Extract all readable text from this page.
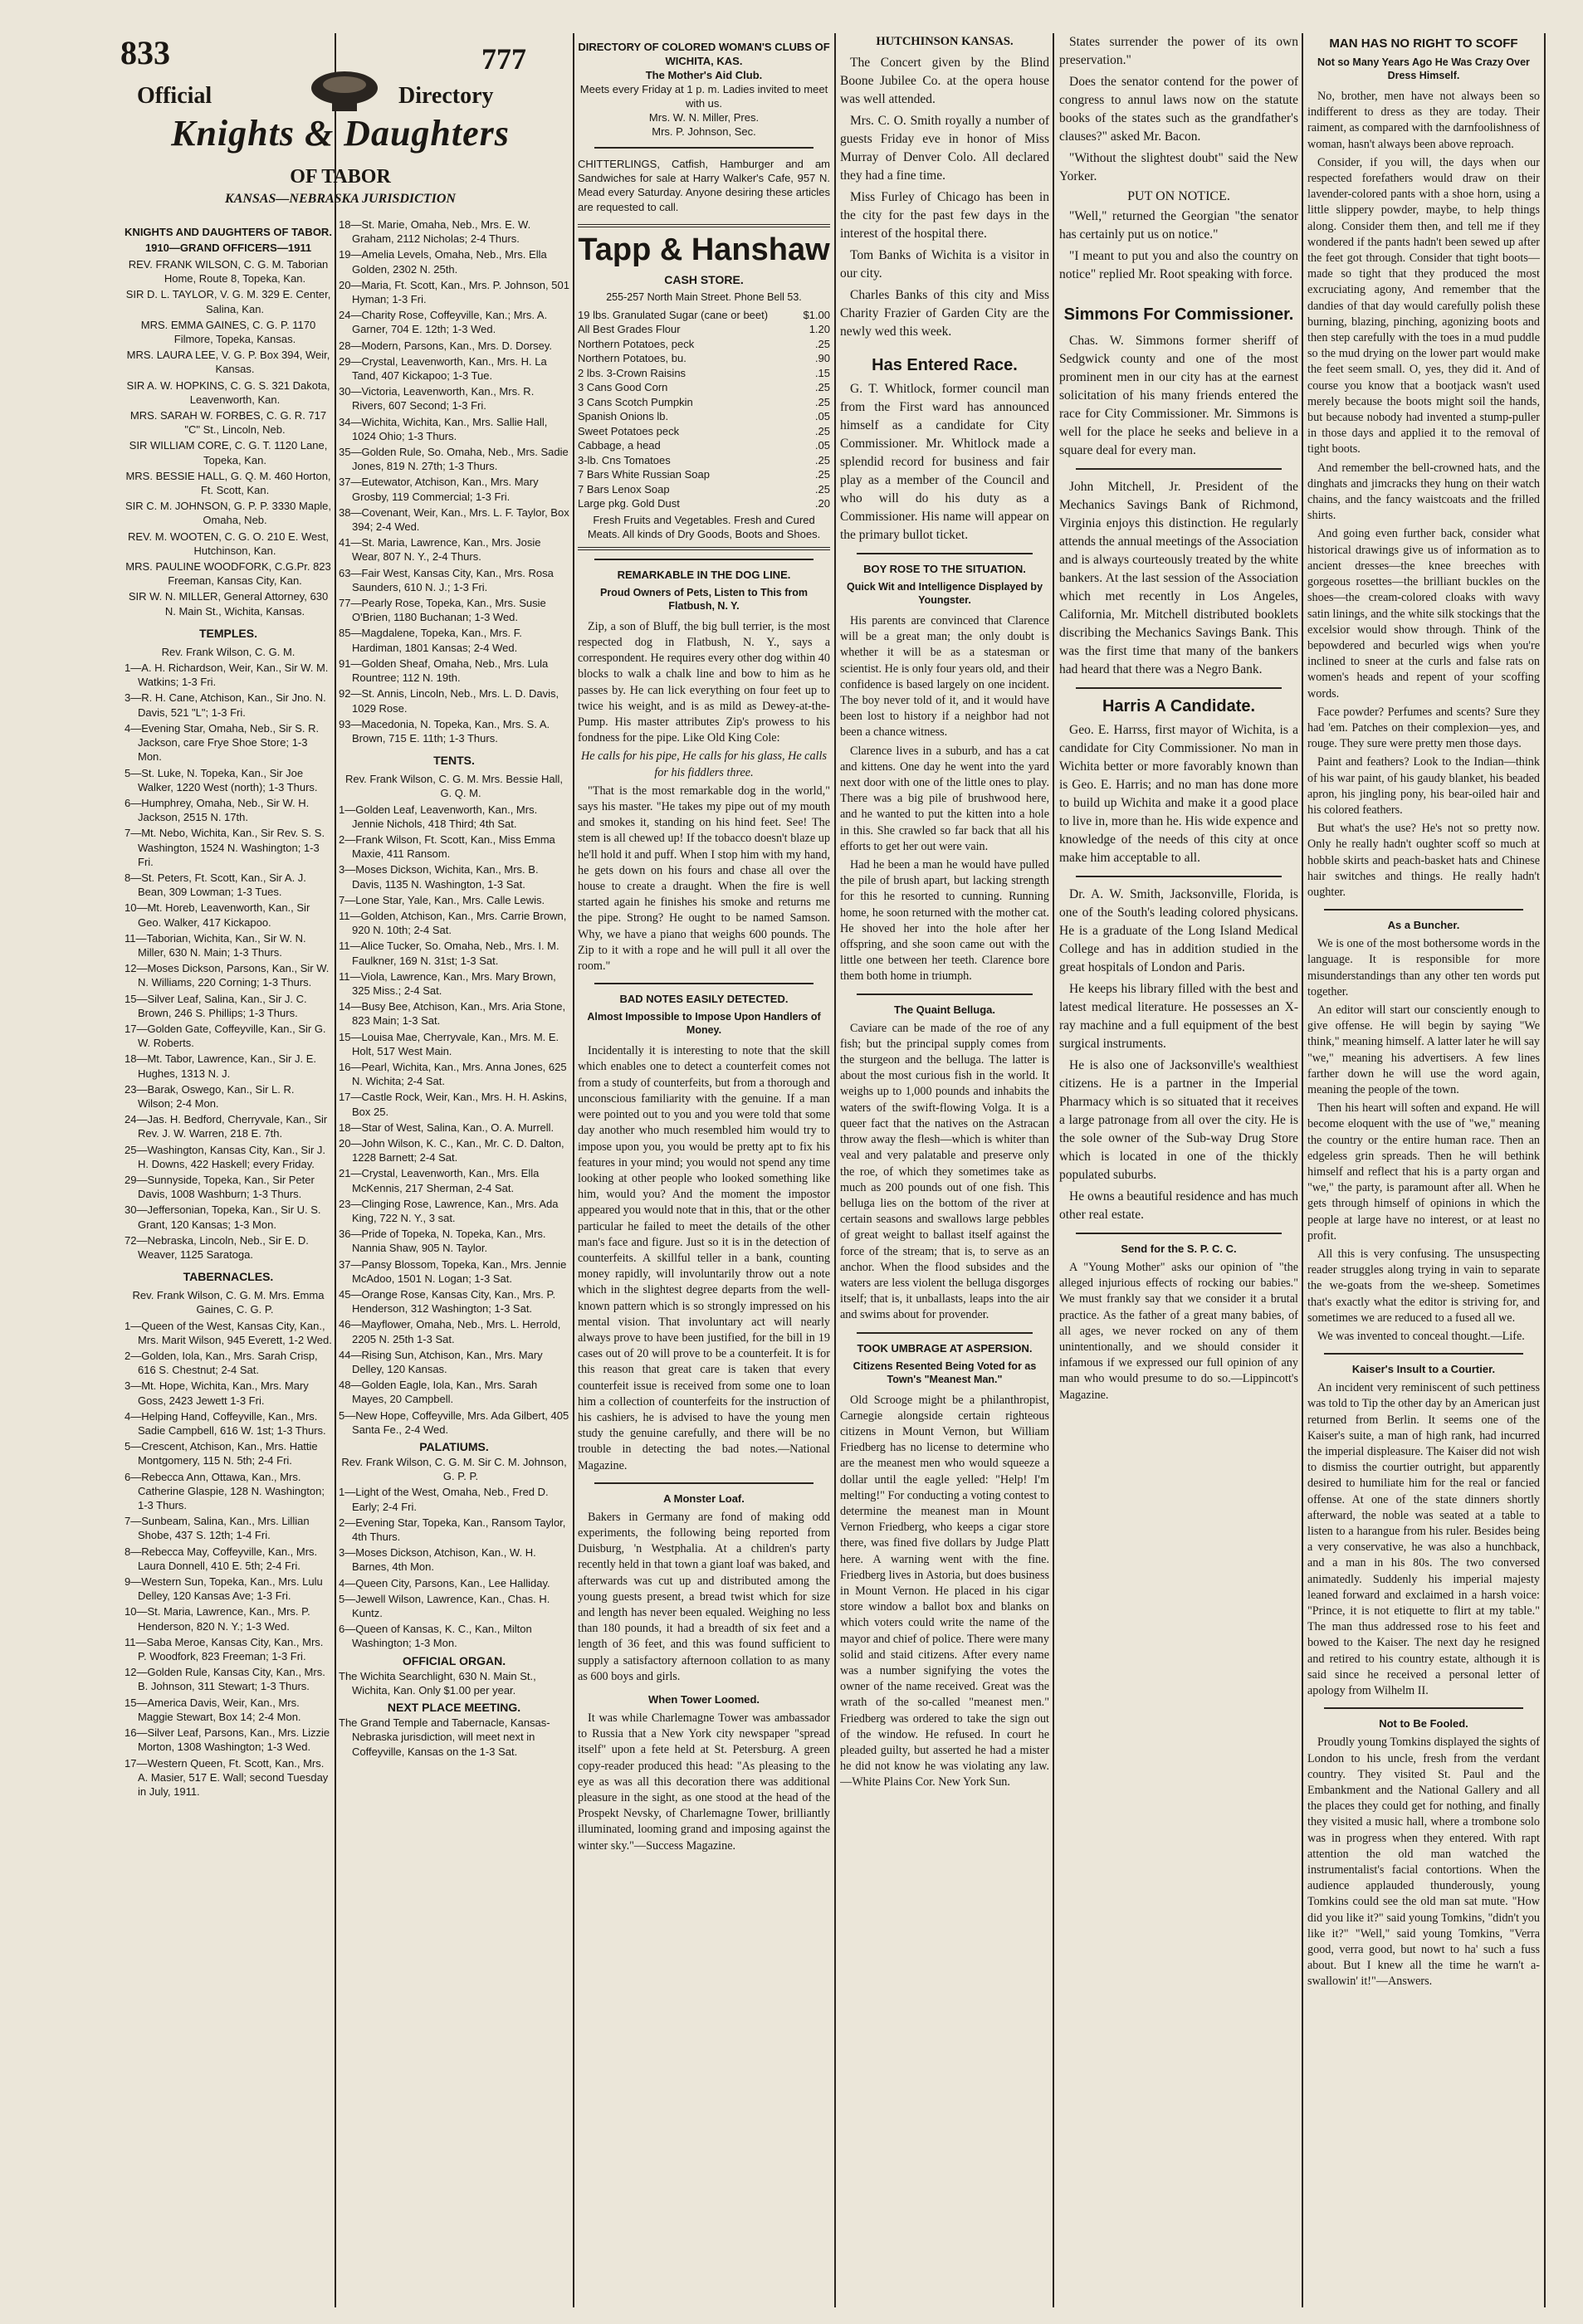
833	777
Official	Directory
Knights & Daughters
OF TABOR
KANSAS—NEBRASKA JURISDICTION
KNIGHTS AND DAUGHTERS OF TABOR.
1910—GRAND OFFICERS—1911

REV. FRANK WILSON, C. G. M. Taborian Home, Route 8, Topeka, Kan.

SIR D. L. TAYLOR, V. G. M. 329 E. Center, Salina, Kan.

MRS. EMMA GAINES, C. G. P. 1170 Filmore, Topeka, Kansas.

MRS. LAURA LEE, V. G. P. Box 394, Weir, Kansas.

SIR A. W. HOPKINS, C. G. S. 321 Dakota, Leavenworth, Kan.

MRS. SARAH W. FORBES, C. G. R. 717 "C" St., Lincoln, Neb.

SIR WILLIAM CORE, C. G. T. 1120 Lane, Topeka, Kan.

MRS. BESSIE HALL, G. Q. M. 460 Horton, Ft. Scott, Kan.

SIR C. M. JOHNSON, G. P. P. 3330 Maple, Omaha, Neb.

REV. M. WOOTEN, C. G. O. 210 E. West, Hutchinson, Kan.

MRS. PAULINE WOODFORK, C.G.Pr. 823 Freeman, Kansas City, Kan.

SIR W. N. MILLER, General Attorney, 630 N. Main St., Wichita, Kansas.

TEMPLES.

Rev. Frank Wilson, C. G. M.

1—A. H. Richardson, Weir, Kan., Sir W. M. Watkins; 1-3 Fri.

3—R. H. Cane, Atchison, Kan., Sir Jno. N. Davis, 521 "L"; 1-3 Fri.

4—Evening Star, Omaha, Neb., Sir S. R. Jackson, care Frye Shoe Store; 1-3 Mon.

5—St. Luke, N. Topeka, Kan., Sir Joe Walker, 1220 West (north); 1-3 Thurs.

6—Humphrey, Omaha, Neb., Sir W. H. Jackson, 2515 N. 17th.

7—Mt. Nebo, Wichita, Kan., Sir Rev. S. S. Washington, 1524 N. Washington; 1-3 Fri.

8—St. Peters, Ft. Scott, Kan., Sir A. J. Bean, 309 Lowman; 1-3 Tues.

10—Mt. Horeb, Leavenworth, Kan., Sir Geo. Walker, 417 Kickapoo.

11—Taborian, Wichita, Kan., Sir W. N. Miller, 630 N. Main; 1-3 Thurs.

12—Moses Dickson, Parsons, Kan., Sir W. N. Williams, 220 Corning; 1-3 Thurs.

15—Silver Leaf, Salina, Kan., Sir J. C. Brown, 246 S. Phillips; 1-3 Thurs.

17—Golden Gate, Coffeyville, Kan., Sir G. W. Roberts.

18—Mt. Tabor, Lawrence, Kan., Sir J. E. Hughes, 1313 N. J.

23—Barak, Oswego, Kan., Sir L. R. Wilson; 2-4 Mon.

24—Jas. H. Bedford, Cherryvale, Kan., Sir Rev. J. W. Warren, 218 E. 7th.

25—Washington, Kansas City, Kan., Sir J. H. Downs, 422 Haskell; every Friday.

29—Sunnyside, Topeka, Kan., Sir Peter Davis, 1008 Washburn; 1-3 Thurs.

30—Jeffersonian, Topeka, Kan., Sir U. S. Grant, 120 Kansas; 1-3 Mon.

72—Nebraska, Lincoln, Neb., Sir E. D. Weaver, 1125 Saratoga.

TABERNACLES.

Rev. Frank Wilson, C. G. M. Mrs. Emma Gaines, C. G. P.

1—Queen of the West, Kansas City, Kan., Mrs. Marit Wilson, 945 Everett, 1-2 Wed.

2—Golden, Iola, Kan., Mrs. Sarah Crisp, 616 S. Chestnut; 2-4 Sat.

3—Mt. Hope, Wichita, Kan., Mrs. Mary Goss, 2423 Jewett 1-3 Fri.

4—Helping Hand, Coffeyville, Kan., Mrs. Sadie Campbell, 616 W. 1st; 1-3 Thurs.

5—Crescent, Atchison, Kan., Mrs. Hattie Montgomery, 115 N. 5th; 2-4 Fri.

6—Rebecca Ann, Ottawa, Kan., Mrs. Catherine Glaspie, 128 N. Washington; 1-3 Thurs.

7—Sunbeam, Salina, Kan., Mrs. Lillian Shobe, 437 S. 12th; 1-4 Fri.

8—Rebecca May, Coffeyville, Kan., Mrs. Laura Donnell, 410 E. 5th; 2-4 Fri.

9—Western Sun, Topeka, Kan., Mrs. Lulu Delley, 120 Kansas Ave; 1-3 Fri.

10—St. Maria, Lawrence, Kan., Mrs. P. Henderson, 820 N. Y.; 1-3 Wed.

11—Saba Meroe, Kansas City, Kan., Mrs. P. Woodfork, 823 Freeman; 1-3 Fri.

12—Golden Rule, Kansas City, Kan., Mrs. B. Johnson, 311 Stewart; 1-3 Thurs.

15—America Davis, Weir, Kan., Mrs. Maggie Stewart, Box 14; 2-4 Mon.

16—Silver Leaf, Parsons, Kan., Mrs. Lizzie Morton, 1308 Washington; 1-3 Wed.

17—Western Queen, Ft. Scott, Kan., Mrs. A. Masier, 517 E. Wall; second Tuesday in July, 1911.

18—St. Marie, Omaha, Neb., Mrs. E. W. Graham, 2112 Nicholas; 2-4 Thurs.

19—Amelia Levels, Omaha, Neb., Mrs. Ella Golden, 2302 N. 25th.

20—Maria, Ft. Scott, Kan., Mrs. P. Johnson, 501 Hyman; 1-3 Fri.

24—Charity Rose, Coffeyville, Kan.; Mrs. A. Garner, 704 E. 12th; 1-3 Wed.

28—Modern, Parsons, Kan., Mrs. D. Dorsey.

29—Crystal, Leavenworth, Kan., Mrs. H. La Tand, 407 Kickapoo; 1-3 Tue.

30—Victoria, Leavenworth, Kan., Mrs. R. Rivers, 607 Second; 1-3 Fri.

34—Wichita, Wichita, Kan., Mrs. Sallie Hall, 1024 Ohio; 1-3 Thurs.

35—Golden Rule, So. Omaha, Neb., Mrs. Sadie Jones, 819 N. 27th; 1-3 Thurs.

37—Eutewator, Atchison, Kan., Mrs. Mary Grosby, 119 Commercial; 1-3 Fri.

38—Covenant, Weir, Kan., Mrs. L. F. Taylor, Box 394; 2-4 Wed.

41—St. Maria, Lawrence, Kan., Mrs. Josie Wear, 807 N. Y., 2-4 Thurs.

63—Fair West, Kansas City, Kan., Mrs. Rosa Saunders, 610 N. J.; 1-3 Fri.

77—Pearly Rose, Topeka, Kan., Mrs. Susie O'Brien, 1180 Buchanan; 1-3 Wed.

85—Magdalene, Topeka, Kan., Mrs. F. Hardiman, 1801 Kansas; 2-4 Wed.

91—Golden Sheaf, Omaha, Neb., Mrs. Lula Rountree; 112 N. 19th.

92—St. Annis, Lincoln, Neb., Mrs. L. D. Davis, 1029 Rose.

93—Macedonia, N. Topeka, Kan., Mrs. S. A. Brown, 715 E. 11th; 1-3 Thurs.

TENTS.

Rev. Frank Wilson, C. G. M. Mrs. Bessie Hall, G. Q. M.

1—Golden Leaf, Leavenworth, Kan., Mrs. Jennie Nichols, 418 Third; 4th Sat.

2—Frank Wilson, Ft. Scott, Kan., Miss Emma Maxie, 411 Ransom.

3—Moses Dickson, Wichita, Kan., Mrs. B. Davis, 1135 N. Washington, 1-3 Sat.

7—Lone Star, Yale, Kan., Mrs. Calle Lewis.

11—Golden, Atchison, Kan., Mrs. Carrie Brown, 920 N. 10th; 2-4 Sat.

11—Alice Tucker, So. Omaha, Neb., Mrs. I. M. Faulkner, 169 N. 31st; 1-3 Sat.

11—Viola, Lawrence, Kan., Mrs. Mary Brown, 325 Miss.; 2-4 Sat.

14—Busy Bee, Atchison, Kan., Mrs. Aria Stone, 823 Main; 1-3 Sat.

15—Louisa Mae, Cherryvale, Kan., Mrs. M. E. Holt, 517 West Main.

16—Pearl, Wichita, Kan., Mrs. Anna Jones, 625 N. Wichita; 2-4 Sat.

17—Castle Rock, Weir, Kan., Mrs. H. H. Askins, Box 25.

18—Star of West, Salina, Kan., O. A. Murrell.

20—John Wilson, K. C., Kan., Mr. C. D. Dalton, 1228 Barnett; 2-4 Sat.

21—Crystal, Leavenworth, Kan., Mrs. Ella McKennis, 217 Sherman, 2-4 Sat.

23—Clinging Rose, Lawrence, Kan., Mrs. Ada King, 722 N. Y., 3 sat.

36—Pride of Topeka, N. Topeka, Kan., Mrs. Nannia Shaw, 905 N. Taylor.

37—Pansy Blossom, Topeka, Kan., Mrs. Jennie McAdoo, 1501 N. Logan; 1-3 Sat.

45—Orange Rose, Kansas City, Kan., Mrs. P. Henderson, 312 Washington; 1-3 Sat.

46—Mayflower, Omaha, Neb., Mrs. L. Herrold, 2205 N. 25th 1-3 Sat.

44—Rising Sun, Atchison, Kan., Mrs. Mary Delley, 120 Kansas.

48—Golden Eagle, Iola, Kan., Mrs. Sarah Mayes, 20 Campbell.

5—New Hope, Coffeyville, Mrs. Ada Gilbert, 405 Santa Fe., 2-4 Wed.

PALATIUMS.

Rev. Frank Wilson, C. G. M. Sir C. M. Johnson, G. P. P.

1—Light of the West, Omaha, Neb., Fred D. Early; 2-4 Fri.

2—Evening Star, Topeka, Kan., Ransom Taylor, 4th Thurs.

3—Moses Dickson, Atchison, Kan., W. H. Barnes, 4th Mon.

4—Queen City, Parsons, Kan., Lee Halliday.

5—Jewell Wilson, Lawrence, Kan., Chas. H. Kuntz.

6—Queen of Kansas, K. C., Kan., Milton Washington; 1-3 Mon.

OFFICIAL ORGAN.

The Wichita Searchlight, 630 N. Main St., Wichita, Kan. Only $1.00 per year.

NEXT PLACE MEETING.

The Grand Temple and Tabernacle, Kansas-Nebraska jurisdiction, will meet next in Coffeyville, Kansas on the 1-3 Sat.

DIRECTORY OF COLORED WOMAN'S CLUBS OF WICHITA, KAS.
The Mother's Aid Club.
Meets every Friday at 1 p. m. Ladies invited to meet with us.
Mrs. W. N. Miller, Pres.
Mrs. P. Johnson, Sec.

CHITTERLINGS, Catfish, Hamburger and am Sandwiches for sale at Harry Walker's Cafe, 957 N. Mead every Saturday. Anyone desiring these articles are requested to call.

Tapp & Hanshaw
CASH STORE.
255-257 North Main Street. Phone Bell 53.
19 lbs. Granulated Sugar (cane or beet)	$1.00
All Best Grades Flour	1.20
Northern Potatoes, peck	.25
Northern Potatoes, bu.	.90
2 lbs. 3-Crown Raisins	.15
3 Cans Good Corn	.25
3 Cans Scotch Pumpkin	.25
Spanish Onions lb.	.05
Sweet Potatoes peck	.25
Cabbage, a head	.05
3-lb. Cns Tomatoes	.25
7 Bars White Russian Soap	.25
7 Bars Lenox Soap	.25
Large pkg. Gold Dust	.20
Fresh Fruits and Vegetables. Fresh and Cured Meats. All kinds of Dry Goods, Boots and Shoes.
REMARKABLE IN THE DOG LINE.
Proud Owners of Pets, Listen to This from Flatbush, N. Y.

Zip, a son of Bluff, the big bull terrier, is the most respected dog in Flatbush, N. Y., says a correspondent. He requires every other dog within 40 blocks to walk a chalk line and bow to him as he passes by. He can lick everything on four feet up to twice his weight, and is as mild as Dewey-at-the-Pump. His master attributes Zip's prowess to his fondness for the pipe. Like Old King Cole:

He calls for his pipe, He calls for his glass, He calls for his fiddlers three.

"That is the most remarkable dog in the world," says his master. "He takes my pipe out of my mouth and smokes it, standing on his hind feet. See! The stem is all chewed up! If the tobacco doesn't blaze up he'll hold it and puff. When I stop him with my hand, he gets down on his fours and chase all over the house to create a draught. When the fire is well started again he finishes his smoke and returns me the pipe. Strong? He ought to be named Samson. Why, we have a piano that weighs 600 pounds. The Zip to it with a rope and he will pull it all over the room."

BAD NOTES EASILY DETECTED.
Almost Impossible to Impose Upon Handlers of Money.

Incidentally it is interesting to note that the skill which enables one to detect a counterfeit comes not from a study of counterfeits, but from a thorough and unconscious familiarity with the genuine. If a man were pointed out to you and you were told that some day another who much resembled him would try to impose upon you, you would be pretty apt to fix his features in your mind; you would not spend any time looking at other people who looked something like him, would you? And the moment the impostor appeared you would note that in this, that or the other particular he failed to meet the details of the other man's face and figure. Just so it is in the detection of counterfeits. A skillful teller in a bank, counting money rapidly, will involuntarily throw out a note which in the slightest degree departs from the well-known pattern which is so strongly impressed on his mental vision. That involuntary act will nearly always prove to have been justified, for the bill in 19 cases out of 20 will prove to be a counterfeit. It is for this reason that great care is taken that every counterfeit issue is received from some one to loan him a collection of counterfeits for the instruction of his cashiers, he is advised to have the young men study the genuine carefully, and there will be no trouble in detecting the bad notes.—National Magazine.

A Monster Loaf.

Bakers in Germany are fond of making odd experiments, the following being reported from Duisburg, 'n Westphalia. At a children's party recently held in that town a giant loaf was baked, and afterwards was cut up and distributed among the young guests present, a bread twist which for size and length has never been equaled. Weighing no less than 180 pounds, it had a breadth of six feet and a length of 36 feet, and this was found sufficient to supply a satisfactory afternoon collation to as many as 600 boys and girls.

When Tower Loomed.

It was while Charlemagne Tower was ambassador to Russia that a New York city newspaper "spread itself" upon a fete held at St. Petersburg. A green copy-reader produced this head: "As pleasing to the eye as was all this decoration there was additional pleasure in the sight, as one stood at the head of the Prospekt Nevsky, of Charlemagne Tower, brilliantly illuminated, looming grand and imposing against the winter sky."—Success Magazine.

HUTCHINSON KANSAS.

The Concert given by the Blind Boone Jubilee Co. at the opera house was well attended.

Mrs. C. O. Smith royally a number of guests Friday eve in honor of Miss Murray of Denver Colo. All declared they had a fine time.

Miss Furley of Chicago has been in the city for the past few days in the interest of the hospital there.

Tom Banks of Wichita is a visitor in our city.

Charles Banks of this city and Miss Charity Frazier of Garden City are the newly wed this week.

Has Entered Race.

G. T. Whitlock, former council man from the First ward has announced himself as a candidate for City Commissioner. Mr. Whitlock made a splendid record for business and fair play as a member of the Council and who will do his duty as a Commissioner. His name will appear on the primary bullot ticket.

BOY ROSE TO THE SITUATION.
Quick Wit and Intelligence Displayed by Youngster.

His parents are convinced that Clarence will be a great man; the only doubt is whether it will be as a statesman or scientist. He is only four years old, and their confidence is based largely on one incident. The boy never told of it, and it would have been lost to history if a neighbor had not been a chance witness.

Clarence lives in a suburb, and has a cat and kittens. One day he went into the yard next door with one of the little ones to play. There was a big pile of brushwood here, and he wanted to put the kitten into a hole in this. She crawled so far back that all his efforts to get her out were vain.

Had he been a man he would have pulled the pile of brush apart, but lacking strength for this he resorted to cunning. Running home, he soon returned with the mother cat. He shoved her into the hole after her offspring, and she soon came out with the little one between her teeth. Clarence bore them both home in triumph.

The Quaint Belluga.

Caviare can be made of the roe of any fish; but the principal supply comes from the sturgeon and the belluga. The latter is about the most curious fish in the world. It weighs up to 1,000 pounds and inhabits the waters of the swift-flowing Volga. It is a queer fact that the natives on the Astracan throw away the flesh—which is whiter than veal and very palatable and preserve only the roe, of which they sometimes take as much as 200 pounds out of one fish. This belluga lies on the bottom of the river at certain seasons and swallows large pebbles of great weight to ballast itself against the force of the stream; that is, to serve as an anchor. When the flood subsides and the waters are less violent the belluga disgorges itself; that is, it unballasts, leaps into the air and swims about for provender.

TOOK UMBRAGE AT ASPERSION.
Citizens Resented Being Voted for as Town's "Meanest Man."

Old Scrooge might be a philanthropist, Carnegie alongside certain righteous citizens in Mount Vernon, but William Friedberg has no license to determine who are the meanest men who would squeeze a dollar until the eagle yelled: "Help! I'm melting!" For conducting a voting contest to determine the meanest man in Mount Vernon Friedberg, who keeps a cigar store there, was fined five dollars by Judge Platt here. A warning went with the fine. Friedberg lives in Astoria, but does business in Mount Vernon. He placed in his cigar store window a ballot box and blanks on which voters could write the name of the mayor and chief of police. There were many solid and staid citizens. After every name was a number signifying the votes the owner of the name received. Great was the wrath of the so-called "meanest men." Friedberg was ordered to take the sign out of the window. He refused. In court he pleaded guilty, but asserted he had a mister he did not know he was violating any law.—White Plains Cor. New York Sun.

States surrender the power of its own preservation."

Does the senator contend for the power of congress to annul laws now on the statute books of the states such as the grandfather's clauses?" asked Mr. Bacon.

"Without the slightest doubt" said the New Yorker.

PUT ON NOTICE.

"Well," returned the Georgian "the senator has certainly put us on notice."

"I meant to put you and also the country on notice" replied Mr. Root speaking with force.

Simmons For Commissioner.

Chas. W. Simmons former sheriff of Sedgwick county and one of the most prominent men in our city has at the earnest solicitation of his many friends entered the race for City Commissioner. Mr. Simmons is well for the place he seeks and believe in a square deal for every man.

John Mitchell, Jr. President of the Mechanics Savings Bank of Richmond, Virginia enjoys this distinction. He regularly attends the annual meetings of the Association and is always courteously treated by the white bankers. At the last session of the Association which met recently in Los Angeles, California, Mr. Mitchell distributed booklets discribing the Mechanics Savings Bank. This was the first time that many of the bankers had heard that there was a Negro Bank.

Harris A Candidate.

Geo. E. Harrss, first mayor of Wichita, is a candidate for City Commissioner. No man in Wichita better or more favorably known than is Geo. E. Harris; and no man has done more to build up Wichita and make it a good place to live in, more than he. His wide expence and knowledge of the needs of this city at once make him acceptable to all.

Dr. A. W. Smith, Jacksonville, Florida, is one of the South's leading colored physicans. He is a graduate of the Long Island Medical College and has in addition studied in the great hospitals of London and Paris.

He keeps his library filled with the best and latest medical literature. He possesses an X-ray machine and a full equipment of the best surgical instruments.

He is also one of Jacksonville's wealthiest citizens. He is a partner in the Imperial Pharmacy which is so situated that it receives a large patronage from all over the city. He is the sole owner of the Sub-way Drug Store which is located in one of the thickly populated suburbs.

He owns a beautiful residence and has much other real estate.

Send for the S. P. C. C.

A "Young Mother" asks our opinion of "the alleged injurious effects of rocking our babies." We must frankly say that we consider it a brutal practice. As the father of a great many babies, of all ages, we never rocked on any of them unintentionally, and we should consider it infamous if we expressed our full opinion of any man who would presume to do so.—Lippincott's Magazine.

MAN HAS NO RIGHT TO SCOFF
Not so Many Years Ago He Was Crazy Over Dress Himself.

No, brother, men have not always been so indifferent to dress as they are today. Their raiment, as compared with the darnfoolishness of woman, hasn't always been above reproach.

Consider, if you will, the days when our respected forefathers would draw on their lavender-colored pants with a shoe horn, using a little slippery powder, maybe, to help things along. Consider them then, and tell me if they wondered if the pants hadn't been sewed up after the feet got through. Consider that tight boots—made so tight that they produced the most excruciating agony, And remember that the dandies of that day would carefully polish these burning, blazing, pinching, agonizing boots and then step carefully with the toes in a mud puddle so the mud drying on the lower part would make the feet seem small. O, yes, they did it. And of course you know that a bootjack wasn't used merely because the boots might soil the hands, but because nobody had invented a stump-puller in those days and applied it to the removal of tight boots.

And remember the bell-crowned hats, and the dinghats and jimcracks they hung on their watch chains, and the fancy waistcoats and the frilled shirts.

And going even further back, consider what historical drawings give us of information as to ancient dresses—the knee breeches with gorgeous rosettes—the brilliant buckles on the shoes—the cream-colored cloaks with wavy satin linings, and the white silk stockings that the excelsior would show through. Think of the bepowdered and becurled wigs when you're inclined to sneer at the curls and false rats on women's heads and repent of your scoffing words.

Face powder? Perfumes and scents? Sure they had 'em. Patches on their complexion—yes, and rouge. They sure were pretty men those days.

Paint and feathers? Look to the Indian—think of his war paint, of his gaudy blanket, his beaded apron, his jingling pony, his bear-oiled hair and his colored feathers.

But what's the use? He's not so pretty now. Only he really hadn't oughter scoff so much at hobble skirts and peach-basket hats and Chinese hair switches and things. He really hadn't oughter.

As a Buncher.

We is one of the most bothersome words in the language. It is responsible for more misunderstandings than any other ten words put together.

An editor will start our consciently enough to give offense. He will begin by saying "We think," meaning himself. A latter later he will say "we," meaning his advertisers. A few lines farther down he will use the word again, meaning the people of the town.

Then his heart will soften and expand. He will become eloquent with the use of "we," meaning the country or the entire human race. Then an edgeless grin spreads. Then he will bethink himself and reflect that his is a party organ and "we," the party, is paramount after all. When he gets through himself of opinions in which the people at large have no interest, or at least no profit.

All this is very confusing. The unsuspecting reader struggles along trying in vain to separate the we-goats from the we-sheep. Sometimes that's exactly what the editor is striving for, and sometimes we are reduced to a fused all we.

We was invented to conceal thought.—Life.

Kaiser's Insult to a Courtier.

An incident very reminiscent of such pettiness was told to Tip the other day by an American just returned from Berlin. It seems one of the Kaiser's suite, a man of high rank, had incurred the imperial displeasure. The Kaiser did not wish to dismiss the courtier outright, but apparently desired to humiliate him for the real or fancied offense. At one of the state dinners shortly afterward, the noble was seated at a table to listen to a harangue from his ruler. Besides being a very conservative, he was also a hunchback, and a man in his 80s. The two conversed animatedly. Suddenly his imperial majesty leaned forward and exclaimed in a harsh voice: "Prince, it is not etiquette to flirt at my table." The man thus addressed rose to his feet and bowed to the Kaiser. The next day he resigned and retired to his country estate, although it is said since he received a personal letter of apology from Wilhelm II.

Not to Be Fooled.

Proudly young Tomkins displayed the sights of London to his uncle, fresh from the verdant country. They visited St. Paul and the Embankment and the National Gallery and all the places they could get for nothing, and finally they visited a music hall, where a trombone solo was in progress when they entered. With rapt attention the old man watched the instrumentalist's facial contortions. When the audience applauded thunderously, young Tomkins could see the old man sat mute. "How did you like it?" said young Tomkins, "didn't you like it?" "Well," said young Tomkins, "Verra good, verra good, but nowt to ha' such a fuss about. But I knew all the time he warn't a-swallowin' it!"—Answers.
